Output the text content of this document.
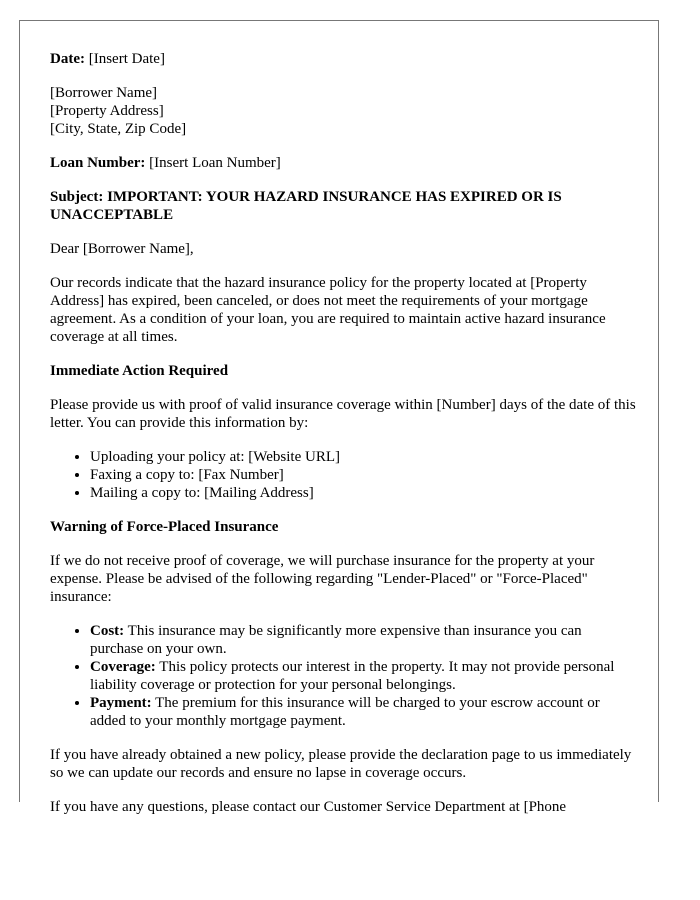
Date: [Insert Date]

[Borrower Name]

[Property Address]

[City, State, Zip Code]

Loan Number: [Insert Loan Number]

Subject: IMPORTANT: YOUR HAZARD INSURANCE HAS EXPIRED OR IS UNACCEPTABLE

Dear [Borrower Name],

Our records indicate that the hazard insurance policy for the property located at [Property Address] has expired, been canceled, or does not meet the requirements of your mortgage agreement. As a condition of your loan, you are required to maintain active hazard insurance coverage at all times.

Immediate Action Required

Please provide us with proof of valid insurance coverage within [Number] days of the date of this letter. You can provide this information by:

• Uploading your policy at: [Website URL]
• Faxing a copy to: [Fax Number]
• Mailing a copy to: [Mailing Address]
Warning of Force-Placed Insurance

If we do not receive proof of coverage, we will purchase insurance for the property at your expense. Please be advised of the following regarding "Lender-Placed" or "Force-Placed" insurance:

• Cost: This insurance may be significantly more expensive than insurance you can purchase on your own.
• Coverage: This policy protects our interest in the property. It may not provide personal liability coverage or protection for your personal belongings.
• Payment: The premium for this insurance will be charged to your escrow account or added to your monthly mortgage payment.

If you have already obtained a new policy, please provide the declaration page to us immediately so we can update our records and ensure no lapse in coverage occurs.

If you have any questions, please contact our Customer Service Department at [Phone
